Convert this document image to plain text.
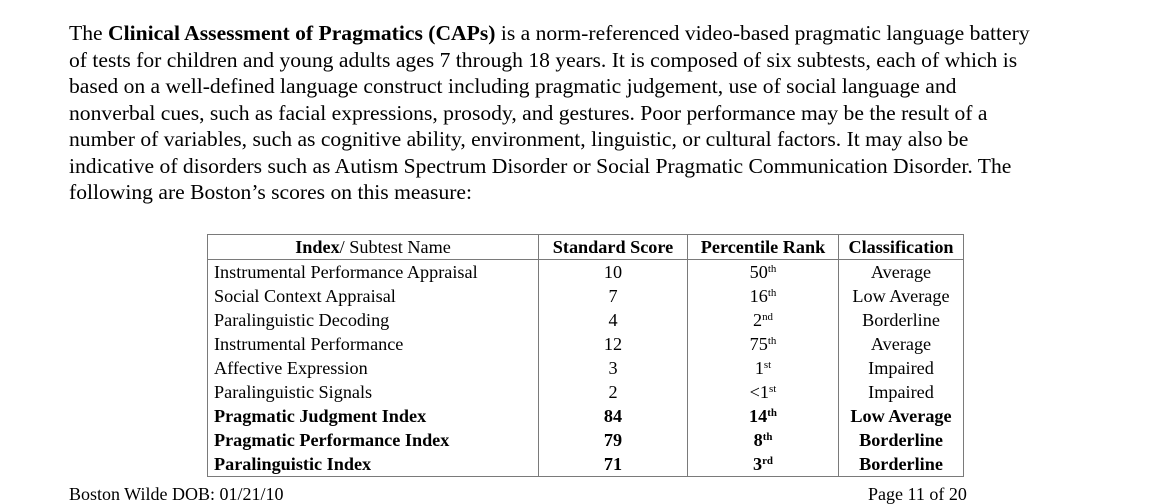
The Clinical Assessment of Pragmatics (CAPs) is a norm-referenced video-based pragmatic language battery

of tests for children and young adults ages 7 through 18 years. It is composed of six subtests, each of which is

based on a well-defined language construct including pragmatic judgement, use of social language and

nonverbal cues, such as facial expressions, prosody, and gestures. Poor performance may be the result of a

number of variables, such as cognitive ability, environment, linguistic, or cultural factors. It may also be

indicative of disorders such as Autism Spectrum Disorder or Social Pragmatic Communication Disorder. The

following are Boston’s scores on this measure:

Index/ Subtest Name	Standard Score	Percentile Rank	Classification
Instrumental Performance Appraisal	10	50th	Average
Social Context Appraisal	7	16th	Low Average
Paralinguistic Decoding	4	2nd	Borderline
Instrumental Performance	12	75th	Average
Affective Expression	3	1st	Impaired
Paralinguistic Signals	2	<1st	Impaired
Pragmatic Judgment Index	84	14th	Low Average
Pragmatic Performance Index	79	8th	Borderline
Paralinguistic Index	71	3rd	Borderline
Boston Wilde DOB: 01/21/10	Page 11 of 20
